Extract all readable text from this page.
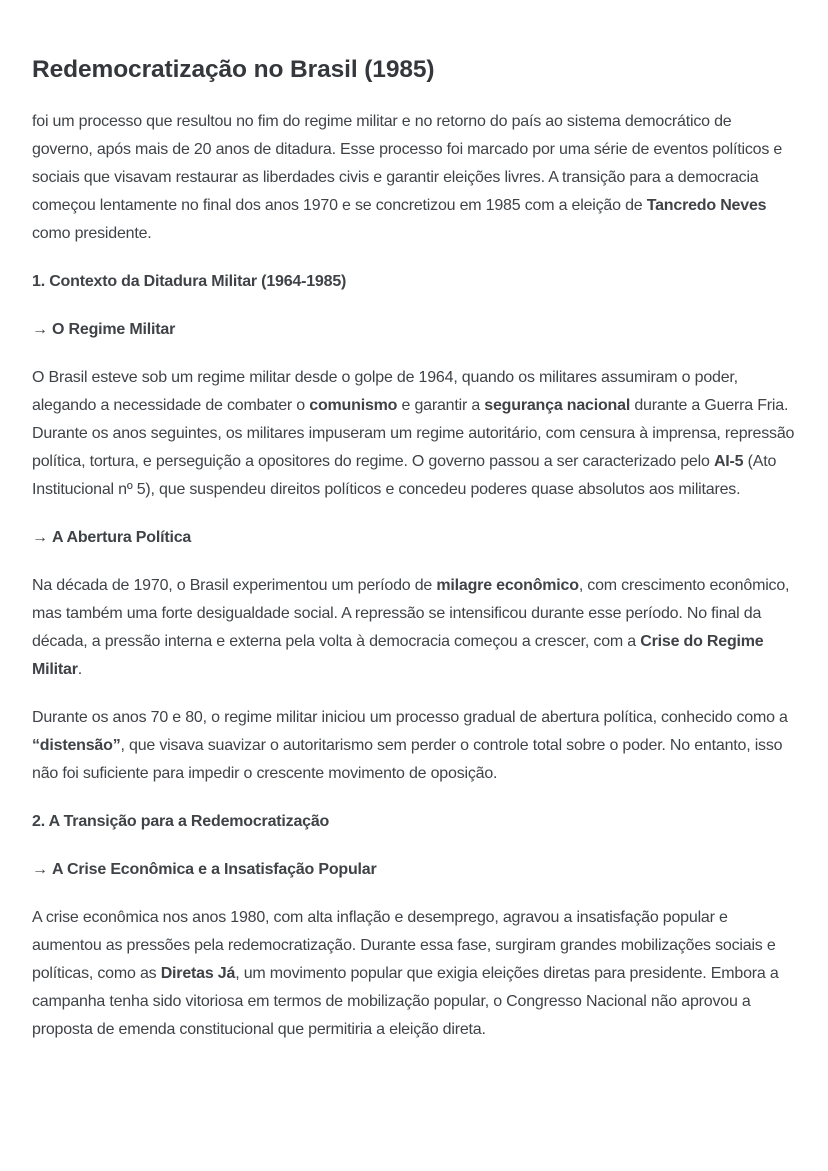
Redemocratização no Brasil (1985)

foi um processo que resultou no fim do regime militar e no retorno do país ao sistema democrático de governo, após mais de 20 anos de ditadura. Esse processo foi marcado por uma série de eventos políticos e sociais que visavam restaurar as liberdades civis e garantir eleições livres. A transição para a democracia começou lentamente no final dos anos 1970 e se concretizou em 1985 com a eleição de Tancredo Neves como presidente.

1. Contexto da Ditadura Militar (1964-1985)
→ O Regime Militar

O Brasil esteve sob um regime militar desde o golpe de 1964, quando os militares assumiram o poder, alegando a necessidade de combater o comunismo e garantir a segurança nacional durante a Guerra Fria. Durante os anos seguintes, os militares impuseram um regime autoritário, com censura à imprensa, repressão política, tortura, e perseguição a opositores do regime. O governo passou a ser caracterizado pelo AI-5 (Ato Institucional nº 5), que suspendeu direitos políticos e concedeu poderes quase absolutos aos militares.

→ A Abertura Política

Na década de 1970, o Brasil experimentou um período de milagre econômico, com crescimento econômico, mas também uma forte desigualdade social. A repressão se intensificou durante esse período. No final da década, a pressão interna e externa pela volta à democracia começou a crescer, com a Crise do Regime Militar.

Durante os anos 70 e 80, o regime militar iniciou um processo gradual de abertura política, conhecido como a “distensão”, que visava suavizar o autoritarismo sem perder o controle total sobre o poder. No entanto, isso não foi suficiente para impedir o crescente movimento de oposição.

2. A Transição para a Redemocratização
→ A Crise Econômica e a Insatisfação Popular

A crise econômica nos anos 1980, com alta inflação e desemprego, agravou a insatisfação popular e aumentou as pressões pela redemocratização. Durante essa fase, surgiram grandes mobilizações sociais e políticas, como as Diretas Já, um movimento popular que exigia eleições diretas para presidente. Embora a campanha tenha sido vitoriosa em termos de mobilização popular, o Congresso Nacional não aprovou a proposta de emenda constitucional que permitiria a eleição direta.
